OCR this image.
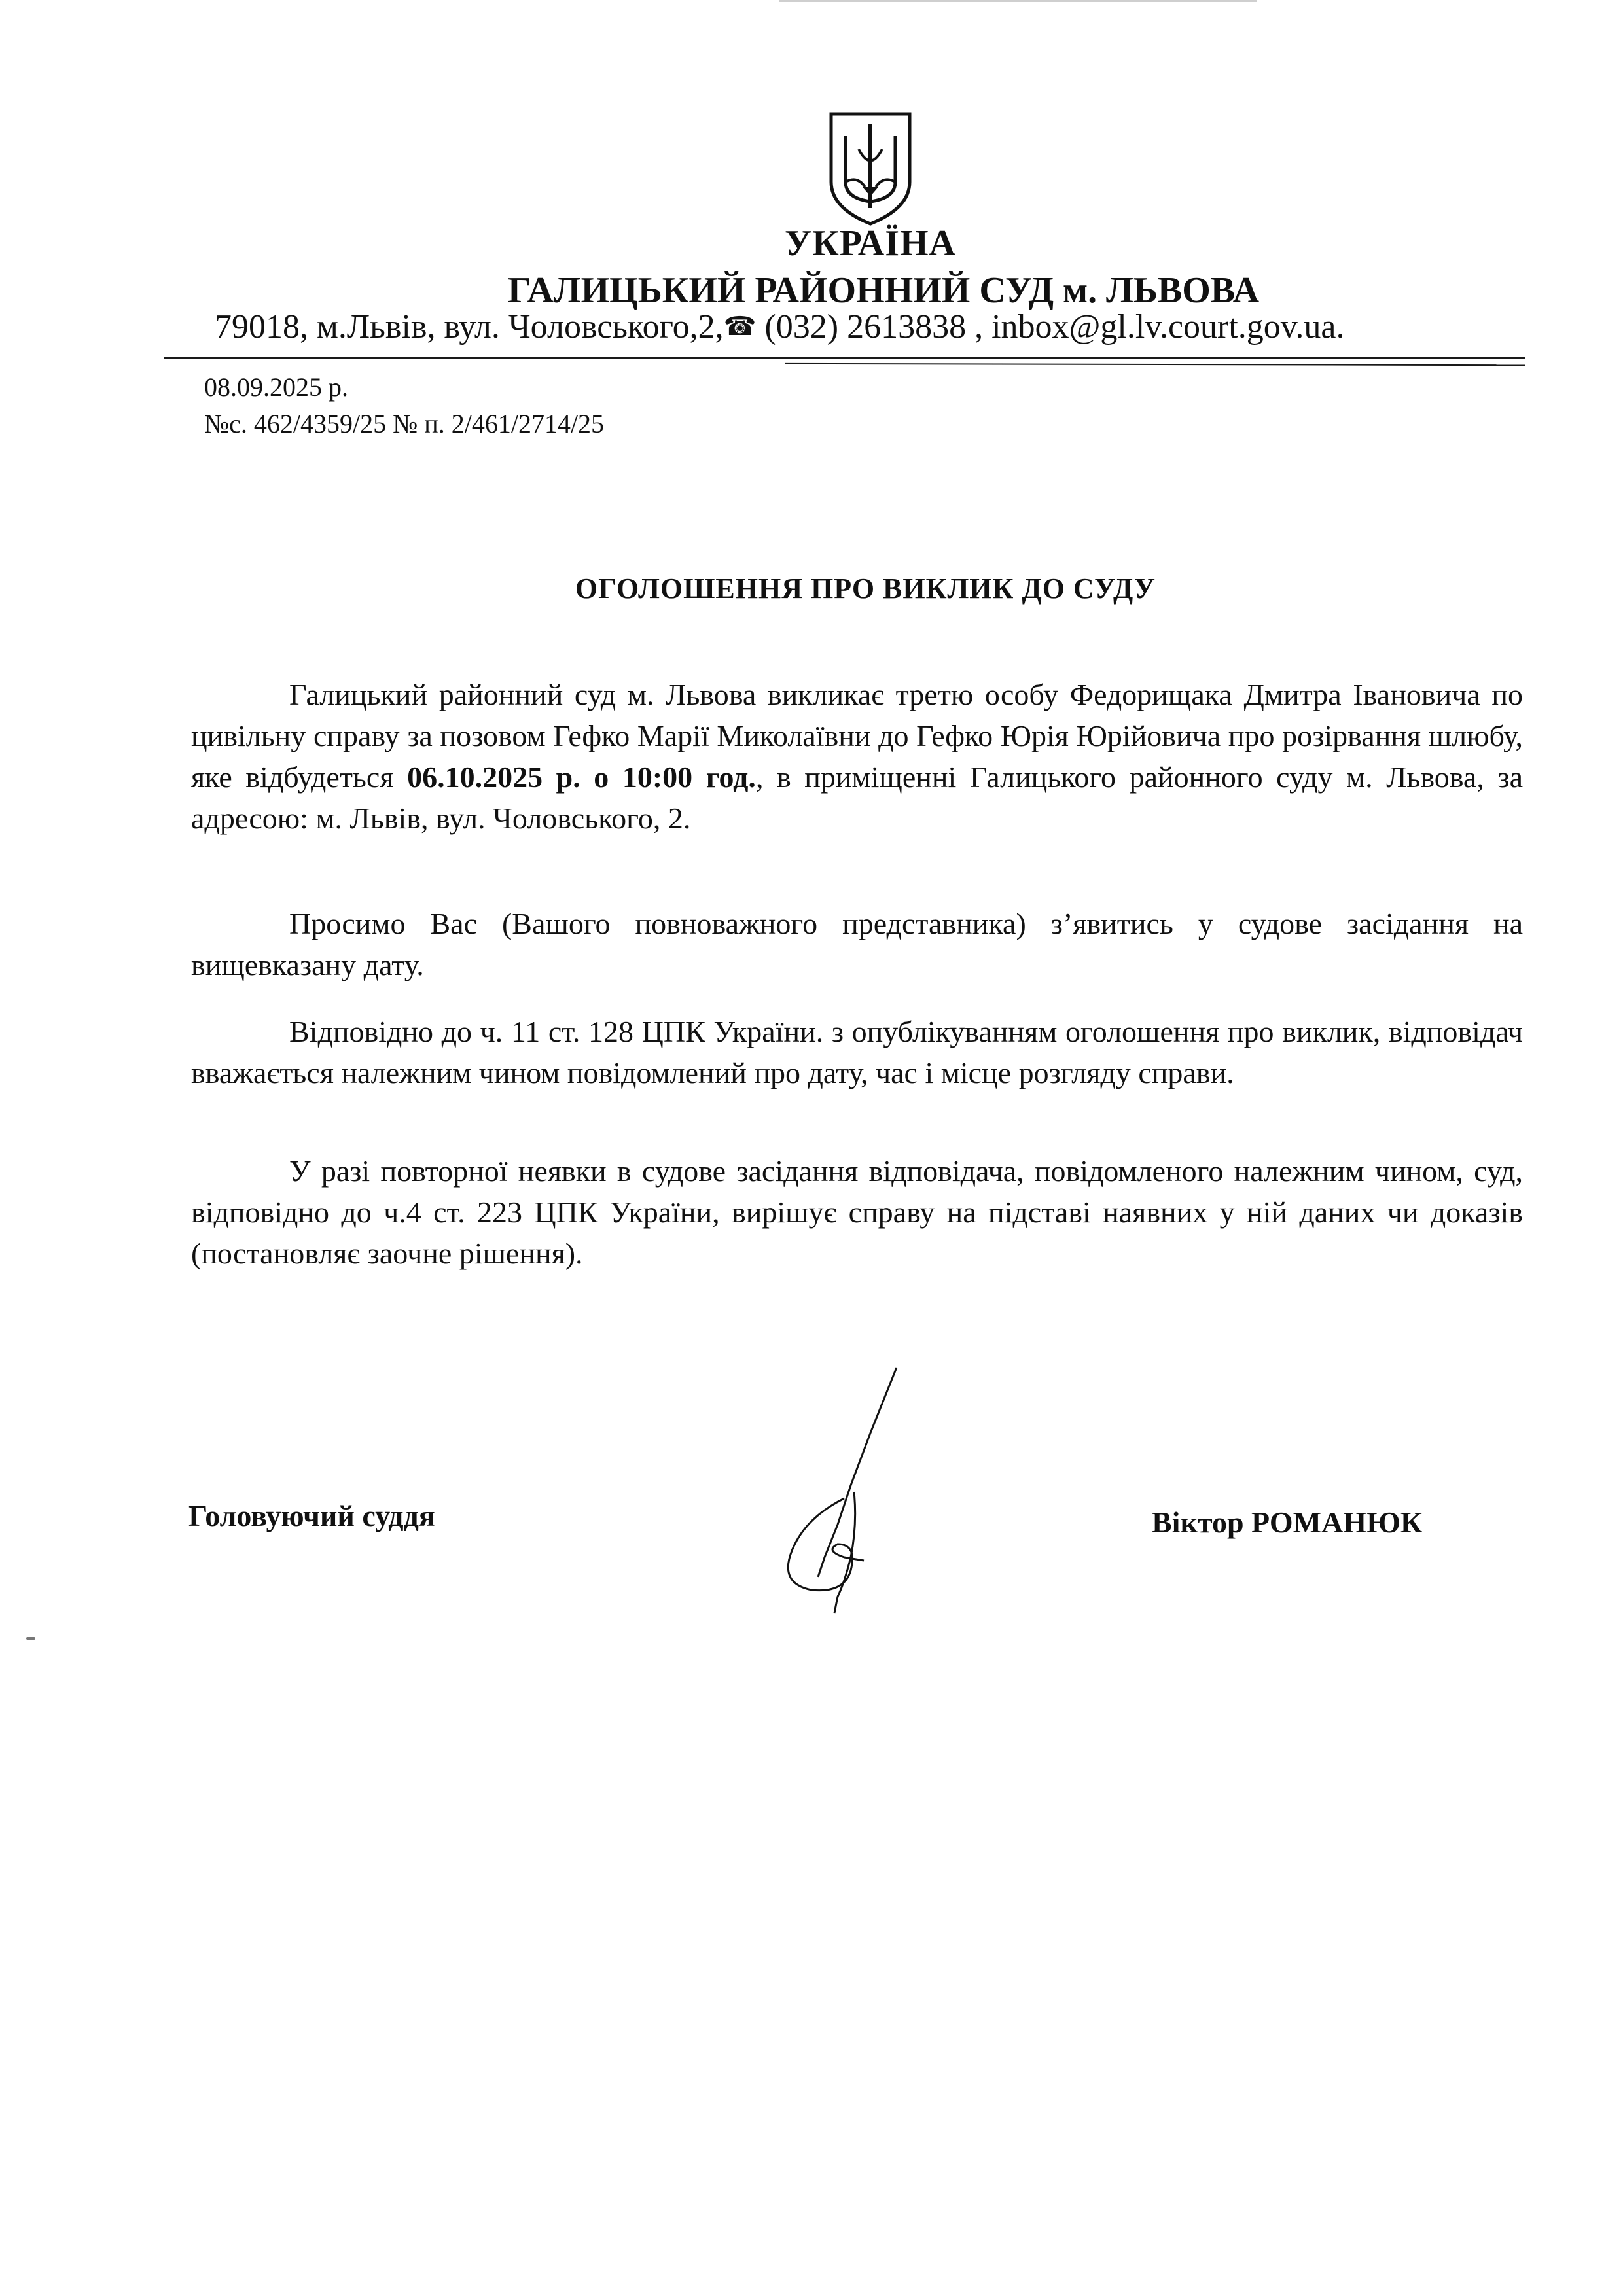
УКРАЇНА
ГАЛИЦЬКИЙ РАЙОННИЙ СУД м. ЛЬВОВА
79018, м.Львів, вул. Чоловського,2,☎ (032) 2613838 , inbox@gl.lv.court.gov.ua.
08.09.2025 р.
№с. 462/4359/25 № п. 2/461/2714/25
ОГОЛОШЕННЯ ПРО ВИКЛИК ДО СУДУ
Галицький районний суд м. Львова викликає третю особу Федорищака Дмитра Івановича по цивільну справу за позовом Гефко Марії Миколаївни до Гефко Юрія Юрійовича про розірвання шлюбу, яке відбудеться 06.10.2025 р. о 10:00 год., в приміщенні Галицького районного суду м. Львова, за адресою: м. Львів, вул. Чоловського, 2.
Просимо Вас (Вашого повноважного представника) з’явитись у судове засідання на вищевказану дату.
Відповідно до ч. 11 ст. 128 ЦПК України. з опублікуванням оголошення про виклик, відповідач вважається належним чином повідомлений про дату, час і місце розгляду справи.
У разі повторної неявки в судове засідання відповідача, повідомленого належним чином, суд, відповідно до ч.4 ст. 223 ЦПК України, вирішує справу на підставі наявних у ній даних чи доказів (постановляє заочне рішення).
Головуючий суддя	Віктор РОМАНЮК
